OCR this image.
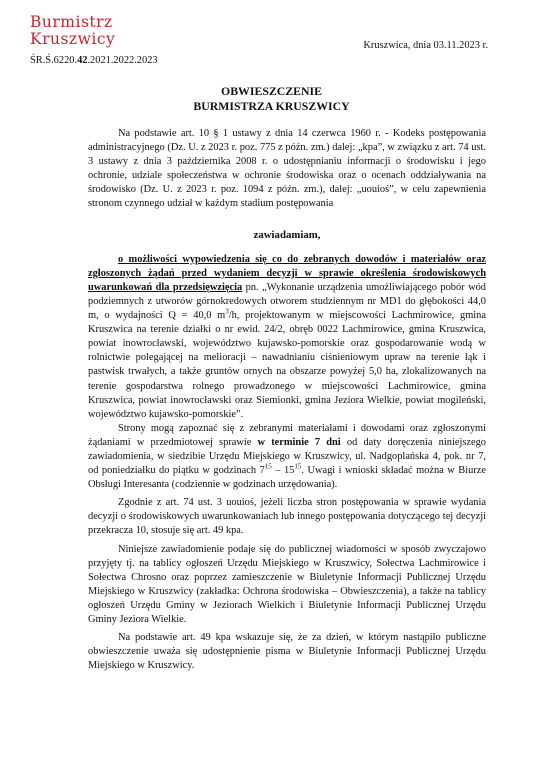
Burmistrz
Kruszwicy
ŚR.Ś.6220.42.2021.2022.2023
Kruszwica, dnia 03.11.2023 r.
OBWIESZCZENIE
BURMISTRZA KRUSZWICY

Na podstawie art. 10 § 1 ustawy z dnia 14 czerwca 1960 r. - Kodeks postępowania administracyjnego (Dz. U. z 2023 r. poz. 775 z późn. zm.) dalej: „kpa”, w związku z art. 74 ust. 3 ustawy z dnia 3 października 2008 r. o udostępnianiu informacji o środowisku i jego ochronie, udziale społeczeństwa w ochronie środowiska oraz o ocenach oddziaływania na środowisko (Dz. U. z 2023 r. poz. 1094 z późn. zm.), dalej: „uouioś”, w celu zapewnienia stronom czynnego udział w każdym stadium postępowania

zawiadamiam,

o możliwości wypowiedzenia się co do zebranych dowodów i materiałów oraz zgłoszonych żądań przed wydaniem decyzji w sprawie określenia środowiskowych uwarunkowań dla przedsięwzięcia pn. „Wykonanie urządzenia umożliwiającego pobór wód podziemnych z utworów górnokredowych otworem studziennym nr MD1 do głębokości 44,0 m, o wydajności Q = 40,0 $m^3/h$, projektowanym w miejscowości Lachmirowice, gmina Kruszwica na terenie działki o nr ewid. 24/2, obręb 0022 Lachmirowice, gmina Kruszwica, powiat inowrocławski, województwo kujawsko-pomorskie oraz gospodarowanie wodą w rolnictwie polegającej na melioracji – nawadnianiu ciśnieniowym upraw na terenie łąk i pastwisk trwałych, a także gruntów ornych na obszarze powyżej 5,0 ha, zlokalizowanych na terenie gospodarstwa rolnego prowadzonego w miejscowości Lachmirowice, gmina Kruszwica, powiat inowrocławski oraz Siemionki, gmina Jeziora Wielkie, powiat mogileński, województwo kujawsko-pomorskie”.

Strony mogą zapoznać się z zebranymi materiałami i dowodami oraz zgłoszonymi żądaniami w przedmiotowej sprawie w terminie 7 dni od daty doręczenia niniejszego zawiadomienia, w siedzibie Urzędu Miejskiego w Kruszwicy, ul. Nadgoplańska 4, pok. nr 7, od poniedziałku do piątku w godzinach $7^{15} - 15^{15}$. Uwagi i wnioski składać można w Biurze Obsługi Interesanta (codziennie w godzinach urzędowania).

Zgodnie z art. 74 ust. 3 uouioś, jeżeli liczba stron postępowania w sprawie wydania decyzji o środowiskowych uwarunkowaniach lub innego postępowania dotyczącego tej decyzji przekracza 10, stosuje się art. 49 kpa.

Niniejsze zawiadomienie podaje się do publicznej wiadomości w sposób zwyczajowo przyjęty tj. na tablicy ogłoszeń Urzędu Miejskiego w Kruszwicy, Sołectwa Lachmirowice i Sołectwa Chrosno oraz poprzez zamieszczenie w Biuletynie Informacji Publicznej Urzędu Miejskiego w Kruszwicy (zakładka: Ochrona środowiska – Obwieszczenia), a także na tablicy ogłoszeń Urzędu Gminy w Jeziorach Wielkich i Biuletynie Informacji Publicznej Urzędu Gminy Jeziora Wielkie.

Na podstawie art. 49 kpa wskazuje się, że za dzień, w którym nastąpiło publiczne obwieszczenie uważa się udostępnienie pisma w Biuletynie Informacji Publicznej Urzędu Miejskiego w Kruszwicy.
